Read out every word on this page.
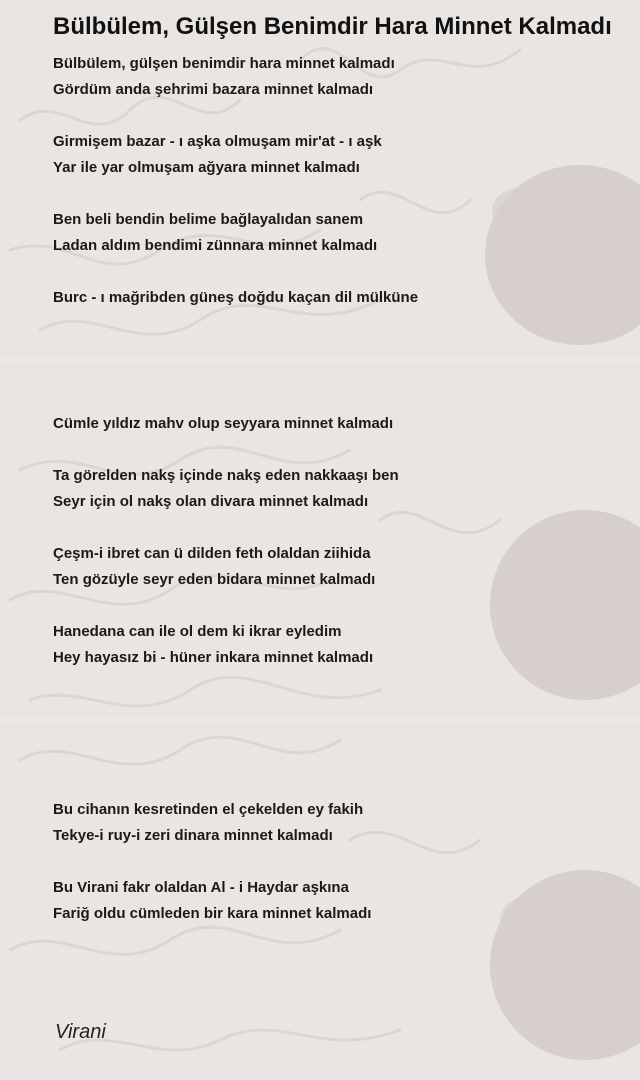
Bülbülem, Gülşen Benimdir Hara Minnet Kalmadı

Bülbülem, gülşen benimdir hara minnet kalmadı

Gördüm anda şehrimi bazara minnet kalmadı

Girmişem bazar - ı aşka olmuşam mir'at - ı aşk

Yar ile yar olmuşam ağyara minnet kalmadı

Ben beli bendin belime bağlayalıdan sanem

Ladan aldım bendimi zünnara minnet kalmadı

Burc - ı mağribden güneş doğdu kaçan dil mülküne

Cümle yıldız mahv olup seyyara minnet kalmadı

Ta görelden nakş içinde nakş eden nakkaaşı ben

Seyr için ol nakş olan divara minnet kalmadı

Çeşm-i ibret can ü dilden feth olaldan ziihida

Ten gözüyle seyr eden bidara minnet kalmadı

Hanedana can ile ol dem ki ikrar eyledim

Hey hayasız bi - hüner inkara minnet kalmadı

Bu cihanın kesretinden el çekelden ey fakih

Tekye-i ruy-i zeri dinara minnet kalmadı

Bu Virani fakr olaldan Al - i Haydar aşkına

Fariğ oldu cümleden bir kara minnet kalmadı

Virani
